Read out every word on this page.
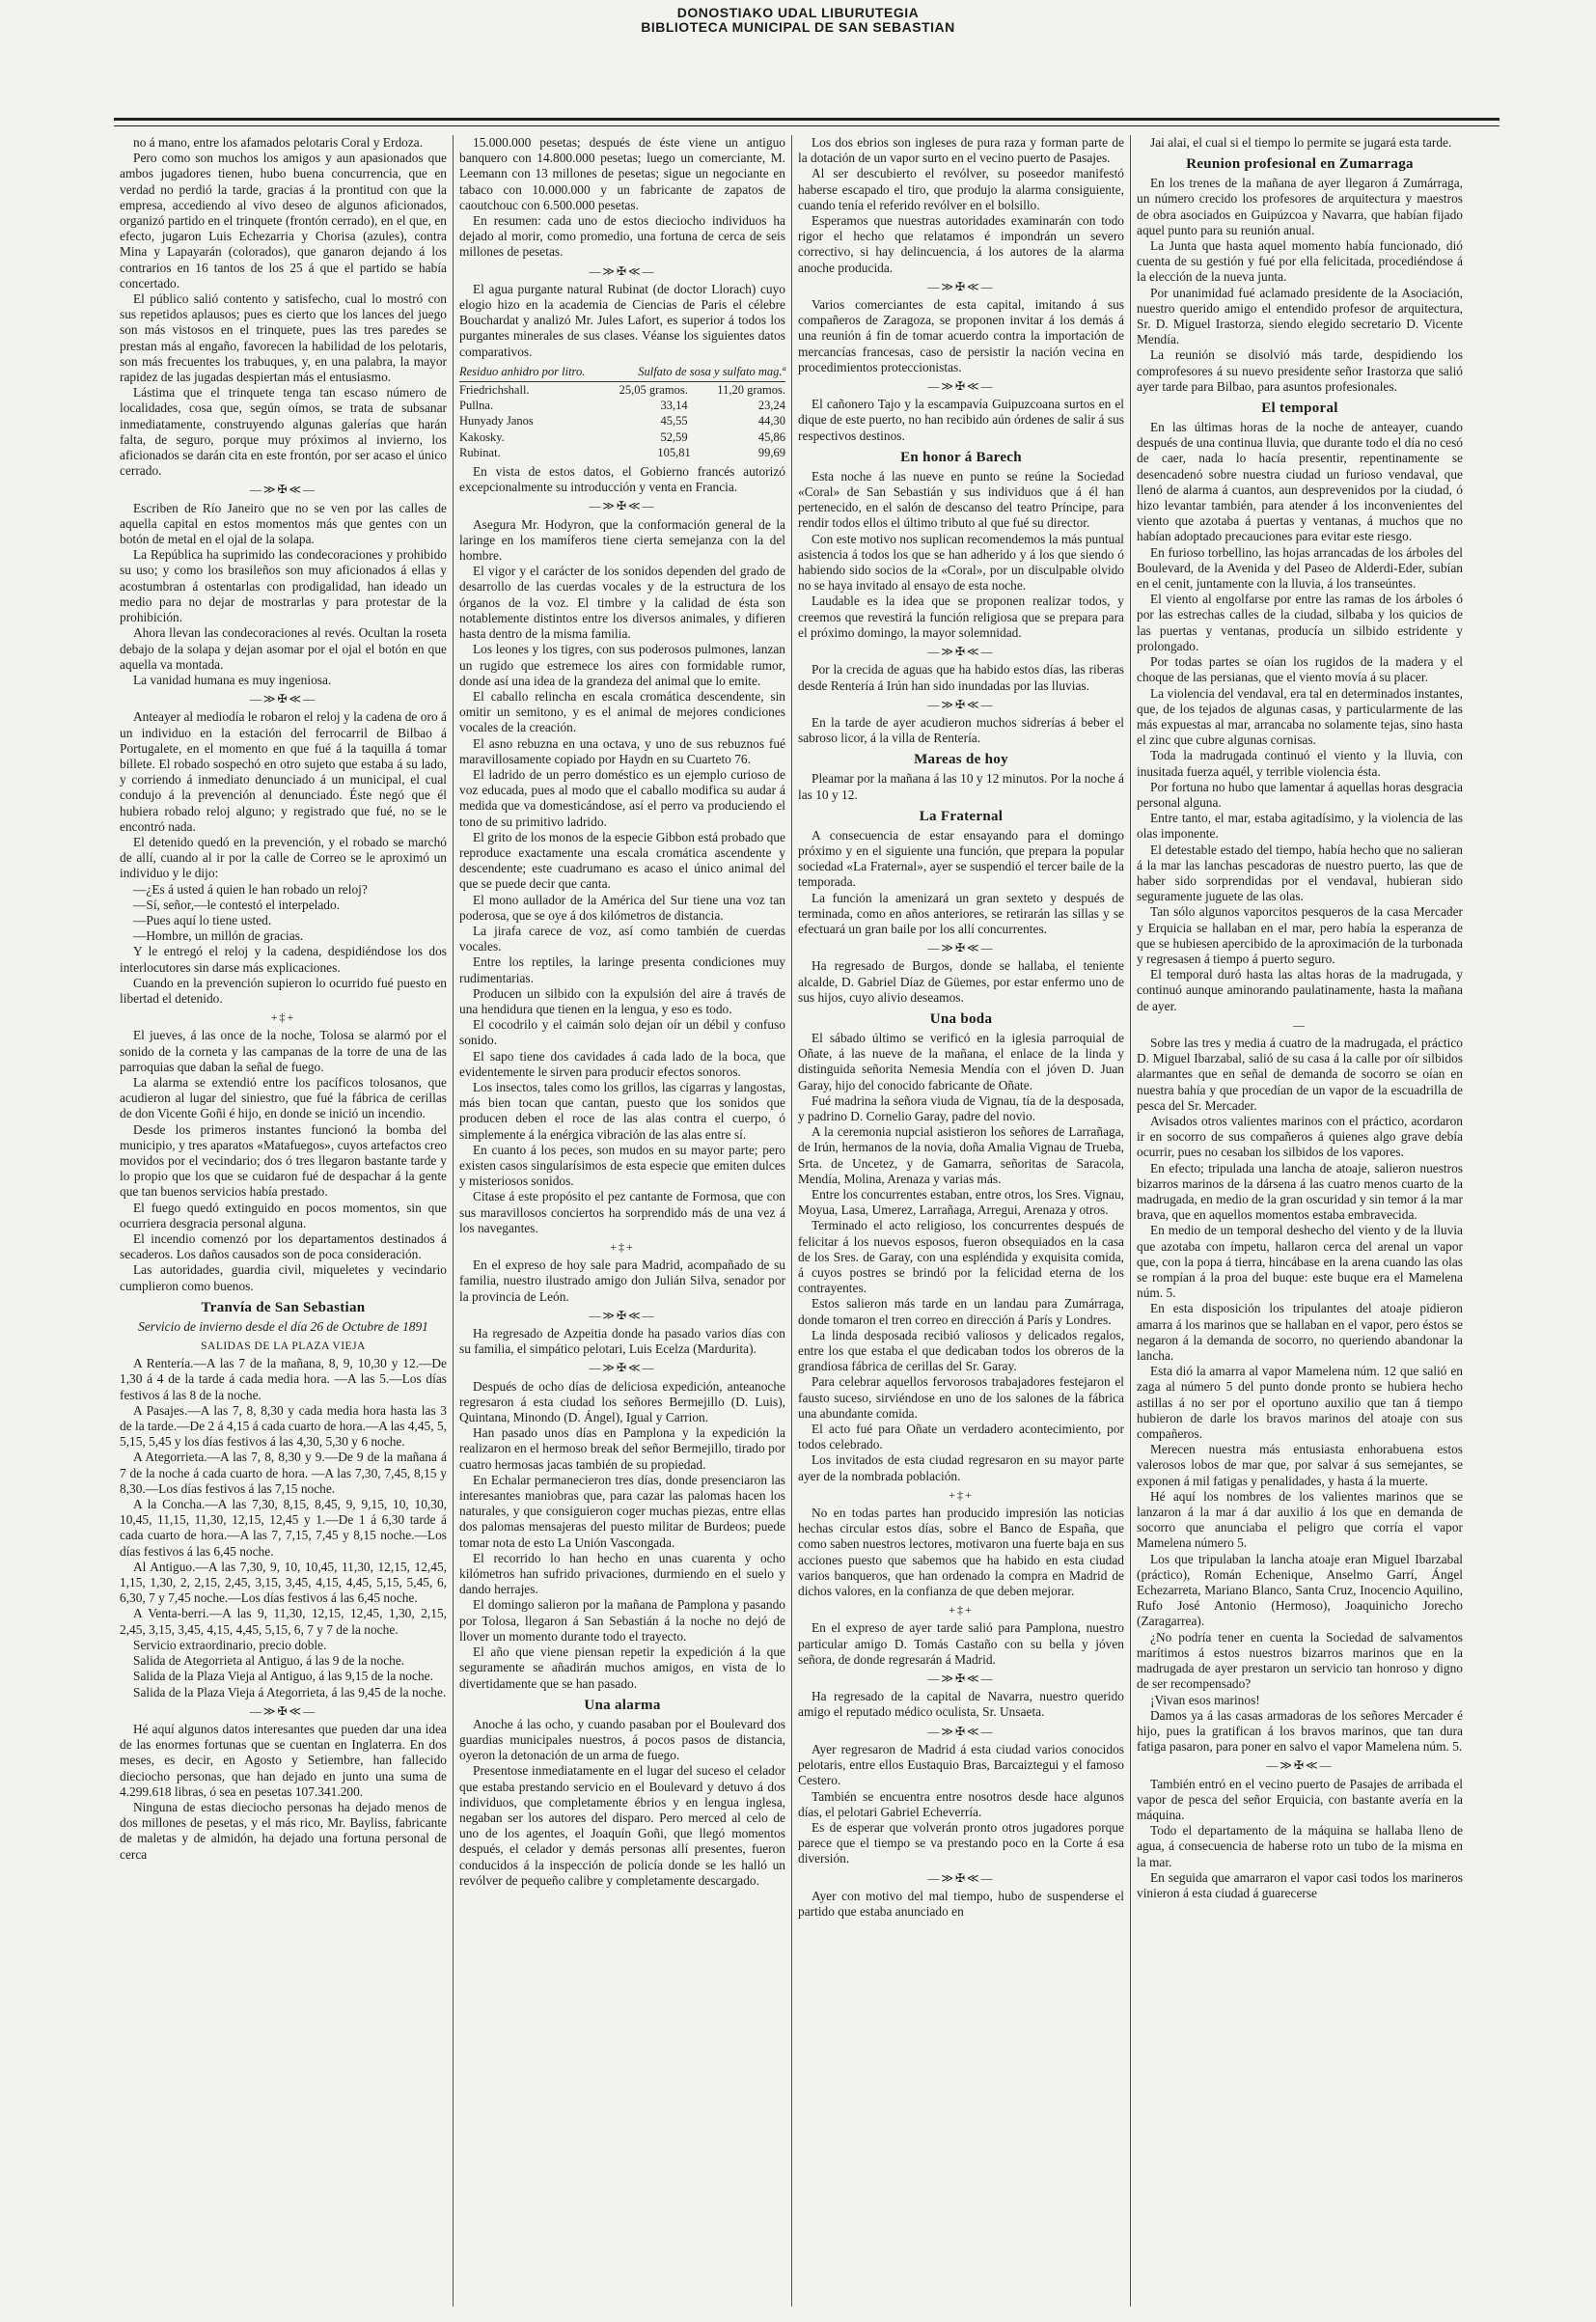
DONOSTIAKO UDAL LIBURUTEGIA
BIBLIOTECA MUNICIPAL DE SAN SEBASTIAN

no á mano, entre los afamados pelotaris Coral y Erdoza.

Pero como son muchos los amigos y aun apasionados que ambos jugadores tienen, hubo buena concurrencia, que en verdad no perdió la tarde, gracias á la prontitud con que la empresa, accediendo al vivo deseo de algunos aficionados, organizó partido en el trinquete (frontón cerrado), en el que, en efecto, jugaron Luis Echezarria y Chorisa (azules), contra Mina y Lapayarán (colorados), que ganaron dejando á los contrarios en 16 tantos de los 25 á que el partido se había concertado.

El público salió contento y satisfecho, cual lo mostró con sus repetidos aplausos; pues es cierto que los lances del juego son más vistosos en el trinquete, pues las tres paredes se prestan más al engaño, favorecen la habilidad de los pelotaris, son más frecuentes los trabuques, y, en una palabra, la mayor rapidez de las jugadas despiertan más el entusiasmo.

Lástima que el trinquete tenga tan escaso número de localidades, cosa que, según oímos, se trata de subsanar inmediatamente, construyendo algunas galerías que harán falta, de seguro, porque muy próximos al invierno, los aficionados se darán cita en este frontón, por ser acaso el único cerrado.

—≫✠≪—

Escriben de Río Janeiro que no se ven por las calles de aquella capital en estos momentos más que gentes con un botón de metal en el ojal de la solapa.

La República ha suprimido las condecoraciones y prohibido su uso; y como los brasileños son muy aficionados á ellas y acostumbran á ostentarlas con prodigalidad, han ideado un medio para no dejar de mostrarlas y para protestar de la prohibición.

Ahora llevan las condecoraciones al revés. Ocultan la roseta debajo de la solapa y dejan asomar por el ojal el botón en que aquella va montada.

La vanidad humana es muy ingeniosa.

—≫✠≪—

Anteayer al mediodía le robaron el reloj y la cadena de oro á un individuo en la estación del ferrocarril de Bilbao á Portugalete, en el momento en que fué á la taquilla á tomar billete. El robado sospechó en otro sujeto que estaba á su lado, y corriendo á inmediato denunciado á un municipal, el cual condujo á la prevención al denunciado. Éste negó que él hubiera robado reloj alguno; y registrado que fué, no se le encontró nada.

El detenido quedó en la prevención, y el robado se marchó de allí, cuando al ir por la calle de Correo se le aproximó un individuo y le dijo:

—¿Es á usted á quien le han robado un reloj?

—Sí, señor,—le contestó el interpelado.

—Pues aquí lo tiene usted.

—Hombre, un millón de gracias.

Y le entregó el reloj y la cadena, despidiéndose los dos interlocutores sin darse más explicaciones.

Cuando en la prevención supieron lo ocurrido fué puesto en libertad el detenido.

+‡+

El jueves, á las once de la noche, Tolosa se alarmó por el sonido de la corneta y las campanas de la torre de una de las parroquias que daban la señal de fuego.

La alarma se extendió entre los pacíficos tolosanos, que acudieron al lugar del siniestro, que fué la fábrica de cerillas de don Vicente Goñi é hijo, en donde se inició un incendio.

Desde los primeros instantes funcionó la bomba del municipio, y tres aparatos «Matafuegos», cuyos artefactos creo movidos por el vecindario; dos ó tres llegaron bastante tarde y lo propio que los que se cuidaron fué de despachar á la gente que tan buenos servicios había prestado.

El fuego quedó extinguido en pocos momentos, sin que ocurriera desgracia personal alguna.

El incendio comenzó por los departamentos destinados á secaderos. Los daños causados son de poca consideración.

Las autoridades, guardia civil, miqueletes y vecindario cumplieron como buenos.

Tranvía de San Sebastian
Servicio de invierno desde el día 26 de Octubre de 1891
SALIDAS DE LA PLAZA VIEJA

A Rentería.—A las 7 de la mañana, 8, 9, 10,30 y 12.—De 1,30 á 4 de la tarde á cada media hora. —A las 5.—Los días festivos á las 8 de la noche.

A Pasajes.—A las 7, 8, 8,30 y cada media hora hasta las 3 de la tarde.—De 2 á 4,15 á cada cuarto de hora.—A las 4,45, 5, 5,15, 5,45 y los días festivos á las 4,30, 5,30 y 6 noche.

A Ategorrieta.—A las 7, 8, 8,30 y 9.—De 9 de la mañana á 7 de la noche á cada cuarto de hora. —A las 7,30, 7,45, 8,15 y 8,30.—Los días festivos á las 7,15 noche.

A la Concha.—A las 7,30, 8,15, 8,45, 9, 9,15, 10, 10,30, 10,45, 11,15, 11,30, 12,15, 12,45 y 1.—De 1 á 6,30 tarde á cada cuarto de hora.—A las 7, 7,15, 7,45 y 8,15 noche.—Los días festivos á las 6,45 noche.

Al Antiguo.—A las 7,30, 9, 10, 10,45, 11,30, 12,15, 12,45, 1,15, 1,30, 2, 2,15, 2,45, 3,15, 3,45, 4,15, 4,45, 5,15, 5,45, 6, 6,30, 7 y 7,45 noche.—Los días festivos á las 6,45 noche.

A Venta-berri.—A las 9, 11,30, 12,15, 12,45, 1,30, 2,15, 2,45, 3,15, 3,45, 4,15, 4,45, 5,15, 6, 7 y 7 de la noche.

Servicio extraordinario, precio doble.

Salida de Ategorrieta al Antiguo, á las 9 de la noche.

Salida de la Plaza Vieja al Antiguo, á las 9,15 de la noche.

Salida de la Plaza Vieja á Ategorrieta, á las 9,45 de la noche.

—≫✠≪—

Hé aquí algunos datos interesantes que pueden dar una idea de las enormes fortunas que se cuentan en Inglaterra. En dos meses, es decir, en Agosto y Setiembre, han fallecido dieciocho personas, que han dejado en junto una suma de 4.299.618 libras, ó sea en pesetas 107.341.200.

Ninguna de estas dieciocho personas ha dejado menos de dos millones de pesetas, y el más rico, Mr. Bayliss, fabricante de maletas y de almidón, ha dejado una fortuna personal de cerca

15.000.000 pesetas; después de éste viene un antiguo banquero con 14.800.000 pesetas; luego un comerciante, M. Leemann con 13 millones de pesetas; sigue un negociante en tabaco con 10.000.000 y un fabricante de zapatos de caoutchouc con 6.500.000 pesetas.

En resumen: cada uno de estos dieciocho individuos ha dejado al morir, como promedio, una fortuna de cerca de seis millones de pesetas.

—≫✠≪—

El agua purgante natural Rubinat (de doctor Llorach) cuyo elogio hizo en la academia de Ciencias de Paris el célebre Bouchardat y analizó Mr. Jules Lafort, es superior á todos los purgantes minerales de sus clases. Véanse los siguientes datos comparativos.

Residuo anhidro por litro.	Sulfato de sosa y sulfato mag.ª
Friedrichshall.	25,05 gramos. 11,20 gramos.
Pullna.	33,14	23,24
Hunyady Janos	45,55	44,30
Kakosky.	52,59	45,86
Rubinat.	105,81	99,69

En vista de estos datos, el Gobierno francés autorizó excepcionalmente su introducción y venta en Francia.

—≫✠≪—

Asegura Mr. Hodyron, que la conformación general de la laringe en los mamíferos tiene cierta semejanza con la del hombre.

El vigor y el carácter de los sonidos dependen del grado de desarrollo de las cuerdas vocales y de la estructura de los órganos de la voz. El timbre y la calidad de ésta son notablemente distintos entre los diversos animales, y difieren hasta dentro de la misma familia.

Los leones y los tigres, con sus poderosos pulmones, lanzan un rugido que estremece los aires con formidable rumor, donde así una idea de la grandeza del animal que lo emite.

El caballo relincha en escala cromática descendente, sin omitir un semitono, y es el animal de mejores condiciones vocales de la creación.

El asno rebuzna en una octava, y uno de sus rebuznos fué maravillosamente copiado por Haydn en su Cuarteto 76.

El ladrido de un perro doméstico es un ejemplo curioso de voz educada, pues al modo que el caballo modifica su audar á medida que va domesticándose, así el perro va produciendo el tono de su primitivo ladrido.

El grito de los monos de la especie Gibbon está probado que reproduce exactamente una escala cromática ascendente y descendente; este cuadrumano es acaso el único animal del que se puede decir que canta.

El mono aullador de la América del Sur tiene una voz tan poderosa, que se oye á dos kilómetros de distancia.

La jirafa carece de voz, así como también de cuerdas vocales.

Entre los reptiles, la laringe presenta condiciones muy rudimentarias.

Producen un silbido con la expulsión del aire á través de una hendidura que tienen en la lengua, y eso es todo.

El cocodrilo y el caimán solo dejan oír un débil y confuso sonido.

El sapo tiene dos cavidades á cada lado de la boca, que evidentemente le sirven para producir efectos sonoros.

Los insectos, tales como los grillos, las cigarras y langostas, más bien tocan que cantan, puesto que los sonidos que producen deben el roce de las alas contra el cuerpo, ó simplemente á la enérgica vibración de las alas entre sí.

En cuanto á los peces, son mudos en su mayor parte; pero existen casos singularísimos de esta especie que emiten dulces y misteriosos sonidos.

Citase á este propósito el pez cantante de Formosa, que con sus maravillosos conciertos ha sorprendido más de una vez á los navegantes.

+‡+

En el expreso de hoy sale para Madrid, acompañado de su familia, nuestro ilustrado amigo don Julián Silva, senador por la provincia de León.

—≫✠≪—

Ha regresado de Azpeitia donde ha pasado varios días con su familia, el simpático pelotari, Luis Ecelza (Mardurita).

—≫✠≪—

Después de ocho días de deliciosa expedición, anteanoche regresaron á esta ciudad los señores Bermejillo (D. Luis), Quintana, Minondo (D. Ángel), Igual y Carrion.

Han pasado unos días en Pamplona y la expedición la realizaron en el hermoso break del señor Bermejillo, tirado por cuatro hermosas jacas también de su propiedad.

En Echalar permanecieron tres días, donde presenciaron las interesantes maniobras que, para cazar las palomas hacen los naturales, y que consiguieron coger muchas piezas, entre ellas dos palomas mensajeras del puesto militar de Burdeos; puede tomar nota de esto La Unión Vascongada.

El recorrido lo han hecho en unas cuarenta y ocho kilómetros han sufrido privaciones, durmiendo en el suelo y dando herrajes.

El domingo salieron por la mañana de Pamplona y pasando por Tolosa, llegaron á San Sebastián á la noche no dejó de llover un momento durante todo el trayecto.

El año que viene piensan repetir la expedición á la que seguramente se añadirán muchos amigos, en vista de lo divertidamente que se han pasado.

Una alarma

Anoche á las ocho, y cuando pasaban por el Boulevard dos guardias municipales nuestros, á pocos pasos de distancia, oyeron la detonación de un arma de fuego.

Presentose inmediatamente en el lugar del suceso el celador que estaba prestando servicio en el Boulevard y detuvo á dos individuos, que completamente ébrios y en lengua inglesa, negaban ser los autores del disparo. Pero merced al celo de uno de los agentes, el Joaquín Goñi, que llegó momentos después, el celador y demás personas allí presentes, fueron conducidos á la inspección de policía donde se les halló un revólver de pequeño calibre y completamente descargado.

Los dos ebrios son ingleses de pura raza y forman parte de la dotación de un vapor surto en el vecino puerto de Pasajes.

Al ser descubierto el revólver, su poseedor manifestó haberse escapado el tiro, que produjo la alarma consiguiente, cuando tenía el referido revólver en el bolsillo.

Esperamos que nuestras autoridades examinarán con todo rigor el hecho que relatamos é impondrán un severo correctivo, si hay delincuencia, á los autores de la alarma anoche producida.

—≫✠≪—

Varios comerciantes de esta capital, imitando á sus compañeros de Zaragoza, se proponen invitar á los demás á una reunión á fin de tomar acuerdo contra la importación de mercancías francesas, caso de persistir la nación vecina en procedimientos proteccionistas.

—≫✠≪—

El cañonero Tajo y la escampavía Guipuzcoana surtos en el dique de este puerto, no han recibido aún órdenes de salir á sus respectivos destinos.

En honor á Barech

Esta noche á las nueve en punto se reúne la Sociedad «Coral» de San Sebastián y sus individuos que á él han pertenecido, en el salón de descanso del teatro Príncipe, para rendir todos ellos el último tributo al que fué su director.

Con este motivo nos suplican recomendemos la más puntual asistencia á todos los que se han adherido y á los que siendo ó habiendo sido socios de la «Coral», por un disculpable olvido no se haya invitado al ensayo de esta noche.

Laudable es la idea que se proponen realizar todos, y creemos que revestirá la función religiosa que se prepara para el próximo domingo, la mayor solemnidad.

—≫✠≪—

Por la crecida de aguas que ha habido estos días, las riberas desde Rentería á Irún han sido inundadas por las lluvias.

—≫✠≪—

En la tarde de ayer acudieron muchos sidrerías á beber el sabroso licor, á la villa de Rentería.

Mareas de hoy

Pleamar por la mañana á las 10 y 12 minutos. Por la noche á las 10 y 12.

La Fraternal

A consecuencia de estar ensayando para el domingo próximo y en el siguiente una función, que prepara la popular sociedad «La Fraternal», ayer se suspendió el tercer baile de la temporada.

La función la amenizará un gran sexteto y después de terminada, como en años anteriores, se retirarán las sillas y se efectuará un gran baile por los allí concurrentes.

—≫✠≪—

Ha regresado de Burgos, donde se hallaba, el teniente alcalde, D. Gabriel Díaz de Güemes, por estar enfermo uno de sus hijos, cuyo alivio deseamos.

Una boda

El sábado último se verificó en la iglesia parroquial de Oñate, á las nueve de la mañana, el enlace de la linda y distinguida señorita Nemesia Mendía con el jóven D. Juan Garay, hijo del conocido fabricante de Oñate.

Fué madrina la señora viuda de Vignau, tía de la desposada, y padrino D. Cornelio Garay, padre del novio.

A la ceremonia nupcial asistieron los señores de Larrañaga, de Irún, hermanos de la novia, doña Amalia Vignau de Trueba, Srta. de Uncetez, y de Gamarra, señoritas de Saracola, Mendía, Molina, Arenaza y varias más.

Entre los concurrentes estaban, entre otros, los Sres. Vignau, Moyua, Lasa, Umerez, Larrañaga, Arregui, Arenaza y otros.

Terminado el acto religioso, los concurrentes después de felicitar á los nuevos esposos, fueron obsequiados en la casa de los Sres. de Garay, con una espléndida y exquisita comida, á cuyos postres se brindó por la felicidad eterna de los contrayentes.

Estos salieron más tarde en un landau para Zumárraga, donde tomaron el tren correo en dirección á París y Londres.

La linda desposada recibió valiosos y delicados regalos, entre los que estaba el que dedicaban todos los obreros de la grandiosa fábrica de cerillas del Sr. Garay.

Para celebrar aquellos fervorosos trabajadores festejaron el fausto suceso, sirviéndose en uno de los salones de la fábrica una abundante comida.

El acto fué para Oñate un verdadero acontecimiento, por todos celebrado.

Los invitados de esta ciudad regresaron en su mayor parte ayer de la nombrada población.

+‡+

No en todas partes han producido impresión las noticias hechas circular estos días, sobre el Banco de España, que como saben nuestros lectores, motivaron una fuerte baja en sus acciones puesto que sabemos que ha habido en esta ciudad varios banqueros, que han ordenado la compra en Madrid de dichos valores, en la confianza de que deben mejorar.

+‡+

En el expreso de ayer tarde salió para Pamplona, nuestro particular amigo D. Tomás Castaño con su bella y jóven señora, de donde regresarán á Madrid.

—≫✠≪—

Ha regresado de la capital de Navarra, nuestro querido amigo el reputado médico oculista, Sr. Unsaeta.

—≫✠≪—

Ayer regresaron de Madrid á esta ciudad varios conocidos pelotaris, entre ellos Eustaquio Bras, Barcaiztegui y el famoso Cestero.

También se encuentra entre nosotros desde hace algunos días, el pelotari Gabriel Echeverría.

Es de esperar que volverán pronto otros jugadores porque parece que el tiempo se va prestando poco en la Corte á esa diversión.

—≫✠≪—

Ayer con motivo del mal tiempo, hubo de suspenderse el partido que estaba anunciado en

Jai alai, el cual si el tiempo lo permite se jugará esta tarde.

Reunion profesional en Zumarraga

En los trenes de la mañana de ayer llegaron á Zumárraga, un número crecido los profesores de arquitectura y maestros de obra asociados en Guipúzcoa y Navarra, que habían fijado aquel punto para su reunión anual.

La Junta que hasta aquel momento había funcionado, dió cuenta de su gestión y fué por ella felicitada, procediéndose á la elección de la nueva junta.

Por unanimidad fué aclamado presidente de la Asociación, nuestro querido amigo el entendido profesor de arquitectura, Sr. D. Miguel Irastorza, siendo elegido secretario D. Vicente Mendía.

La reunión se disolvió más tarde, despidiendo los comprofesores á su nuevo presidente señor Irastorza que salió ayer tarde para Bilbao, para asuntos profesionales.

El temporal

En las últimas horas de la noche de anteayer, cuando después de una continua lluvia, que durante todo el día no cesó de caer, nada lo hacía presentir, repentinamente se desencadenó sobre nuestra ciudad un furioso vendaval, que llenó de alarma á cuantos, aun desprevenidos por la ciudad, ó hizo levantar también, para atender á los inconvenientes del viento que azotaba á puertas y ventanas, á muchos que no habían adoptado precauciones para evitar este riesgo.

En furioso torbellino, las hojas arrancadas de los árboles del Boulevard, de la Avenida y del Paseo de Alderdi-Eder, subían en el cenit, juntamente con la lluvia, á los transeúntes.

El viento al engolfarse por entre las ramas de los árboles ó por las estrechas calles de la ciudad, silbaba y los quicios de las puertas y ventanas, producía un silbido estridente y prolongado.

Por todas partes se oían los rugidos de la madera y el choque de las persianas, que el viento movía á su placer.

La violencia del vendaval, era tal en determinados instantes, que, de los tejados de algunas casas, y particularmente de las más expuestas al mar, arrancaba no solamente tejas, sino hasta el zinc que cubre algunas cornisas.

Toda la madrugada continuó el viento y la lluvia, con inusitada fuerza aquél, y terrible violencia ésta.

Por fortuna no hubo que lamentar á aquellas horas desgracia personal alguna.

Entre tanto, el mar, estaba agitadísimo, y la violencia de las olas imponente.

El detestable estado del tiempo, había hecho que no salieran á la mar las lanchas pescadoras de nuestro puerto, las que de haber sido sorprendidas por el vendaval, hubieran sido seguramente juguete de las olas.

Tan sólo algunos vaporcitos pesqueros de la casa Mercader y Erquicia se hallaban en el mar, pero había la esperanza de que se hubiesen apercibido de la aproximación de la turbonada y regresasen á tiempo á puerto seguro.

El temporal duró hasta las altas horas de la madrugada, y continuó aunque aminorando paulatinamente, hasta la mañana de ayer.

—

Sobre las tres y media á cuatro de la madrugada, el práctico D. Miguel Ibarzabal, salió de su casa á la calle por oír silbidos alarmantes que en señal de demanda de socorro se oían en nuestra bahía y que procedían de un vapor de la escuadrilla de pesca del Sr. Mercader.

Avisados otros valientes marinos con el práctico, acordaron ir en socorro de sus compañeros á quienes algo grave debía ocurrir, pues no cesaban los silbidos de los vapores.

En efecto; tripulada una lancha de atoaje, salieron nuestros bizarros marinos de la dársena á las cuatro menos cuarto de la madrugada, en medio de la gran oscuridad y sin temor á la mar brava, que en aquellos momentos estaba embravecida.

En medio de un temporal deshecho del viento y de la lluvia que azotaba con ímpetu, hallaron cerca del arenal un vapor que, con la popa á tierra, hincábase en la arena cuando las olas se rompían á la proa del buque: este buque era el Mamelena núm. 5.

En esta disposición los tripulantes del atoaje pidieron amarra á los marinos que se hallaban en el vapor, pero éstos se negaron á la demanda de socorro, no queriendo abandonar la lancha.

Esta dió la amarra al vapor Mamelena núm. 12 que salió en zaga al número 5 del punto donde pronto se hubiera hecho astillas á no ser por el oportuno auxilio que tan á tiempo hubieron de darle los bravos marinos del atoaje con sus compañeros.

Merecen nuestra más entusiasta enhorabuena estos valerosos lobos de mar que, por salvar á sus semejantes, se exponen á mil fatigas y penalidades, y hasta á la muerte.

Hé aquí los nombres de los valientes marinos que se lanzaron á la mar á dar auxilio á los que en demanda de socorro que anunciaba el peligro que corría el vapor Mamelena número 5.

Los que tripulaban la lancha atoaje eran Miguel Ibarzabal (práctico), Román Echenique, Anselmo Garrí, Ángel Echezarreta, Mariano Blanco, Santa Cruz, Inocencio Aquilino, Rufo José Antonio (Hermoso), Joaquinicho Jorecho (Zaragarrea).

¿No podría tener en cuenta la Sociedad de salvamentos marítimos á estos nuestros bizarros marinos que en la madrugada de ayer prestaron un servicio tan honroso y digno de ser recompensado?

¡Vivan esos marinos!

Damos ya á las casas armadoras de los señores Mercader é hijo, pues la gratifican á los bravos marinos, que tan dura fatiga pasaron, para poner en salvo el vapor Mamelena núm. 5.

—≫✠≪—

También entró en el vecino puerto de Pasajes de arribada el vapor de pesca del señor Erquicia, con bastante avería en la máquina.

Todo el departamento de la máquina se hallaba lleno de agua, á consecuencia de haberse roto un tubo de la misma en la mar.

En seguida que amarraron el vapor casi todos los marineros vinieron á esta ciudad á guarecerse
